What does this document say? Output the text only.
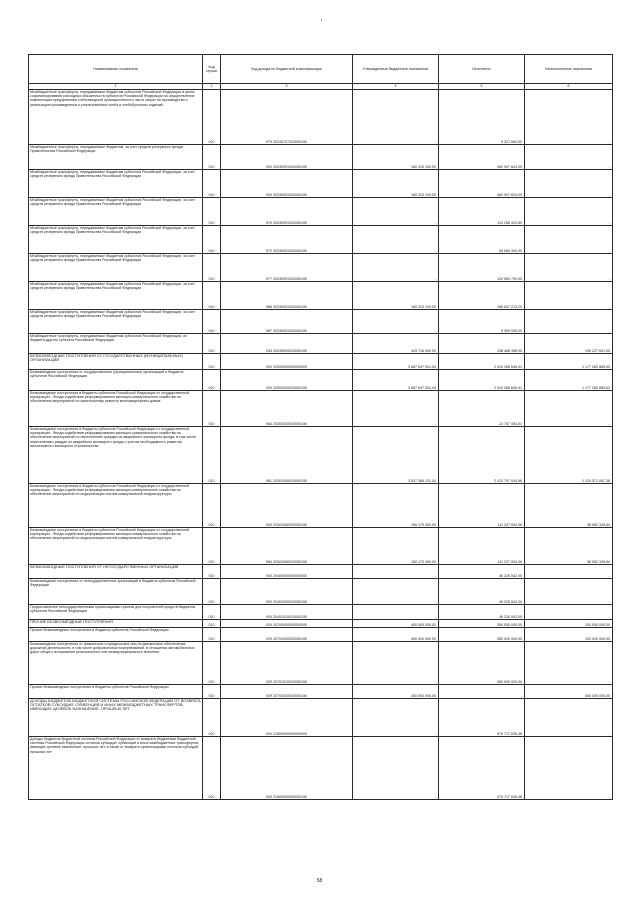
Наименование показателя	Код строки	Код дохода по бюджетной классификации	Утвержденные бюджетные назначения	Исполнено	Неисполненные назначения
1	2	3	4	5	6
Межбюджетные трансферты, передаваемые бюджетам субъектов Российской Федерации в целях софинансирования расходных обязательств субъектов Российской Федерации на осуществление компенсации предприятиям хлебопекарной промышленности части затрат на производство и реализацию произведенных и реализованных хлеба и хлебобулочных изделий	010	075 20245707020000150	-	5 327 660,00	-
Межбюджетные трансферты, передаваемые бюджетам, за счет средств резервного фонда Правительства Российской Федерации	010	000 20249001000000150	160 315 100,00	462 907 624,09	-
Межбюджетные трансферты, передаваемые бюджетам субъектов Российской Федерации, за счет средств резервного фонда Правительства Российской Федерации	010	000 20249001020000150	160 315 100,00	462 907 624,09	-
Межбюджетные трансферты, передаваемые бюджетам субъектов Российской Федерации, за счет средств резервного фонда Правительства Российской Федерации	010	970 20249001020000150	-	113 258 410,89	-
Межбюджетные трансферты, передаваемые бюджетам субъектов Российской Федерации, за счет средств резервного фонда Правительства Российской Федерации	010	972 20249001020000150	-	53 060 300,00	-
Межбюджетные трансферты, передаваемые бюджетам субъектов Российской Федерации, за счет средств резервного фонда Правительства Российской Федерации	010	977 20249001020000150	-	120 559 700,00	-
Межбюджетные трансферты, передаваемые бюджетам субъектов Российской Федерации, за счет средств резервного фонда Правительства Российской Федерации	010	986 20249001020000150	160 315 100,00	166 637 213,20	-
Межбюджетные трансферты, передаваемые бюджетам субъектов Российской Федерации, за счет средств резервного фонда Правительства Российской Федерации	010	987 20249001020000150	-	9 399 000,00	-
Межбюджетные трансферты, передаваемые бюджетам субъектов Российской Федерации, из бюджета другого субъекта Российской Федерации	010	254 20249009020000150	443 716 000,00	248 488 398,95	195 227 601,05
БЕЗВОЗМЕЗДНЫЕ ПОСТУПЛЕНИЯ ОТ ГОСУДАРСТВЕННЫХ (МУНИЦИПАЛЬНЫХ) ОРГАНИЗАЦИЙ	010	000 20300000000000000	3 687 547 531,04	2 510 266 645,41	1 177 280 885,63
Безвозмездные поступления от государственных (муниципальных) организаций в бюджеты субъектов Российской Федерации	010	000 20302000020000150	3 687 547 531,04	2 510 266 645,41	1 177 280 885,63
Безвозмездные поступления в бюджеты субъектов Российской Федерации от государственной корпорации - Фонда содействия реформированию жилищно-коммунального хозяйства на обеспечение мероприятий по капитальному ремонту многоквартирных домов	010	984 20302030020000150	-	-13 757 453,51	-
Безвозмездные поступления в бюджеты субъектов Российской Федерации от государственной корпорации - Фонда содействия реформированию жилищно-коммунального хозяйства на обеспечение мероприятий по переселению граждан из аварийного жилищного фонда, в том числе переселению граждан из аварийного жилищного фонда с учетом необходимости развития малоэтажного жилищного строительства	010	981 20302040020000150	3 537 368 131,04	2 412 797 044,56	1 124 571 087,38
Безвозмездные поступления в бюджеты субъектов Российской Федерации от государственной корпорации - Фонда содействия реформированию жилищно-коммунального хозяйства на обеспечение мероприятий по модернизации систем коммунальной инфраструктуры	010	000 20302080020000150	150 179 400,00	111 227 054,36	38 952 345,64
Безвозмездные поступления в бюджеты субъектов Российской Федерации от государственной корпорации - Фонда содействия реформированию жилищно-коммунального хозяйства на обеспечение мероприятий по модернизации систем коммунальной инфраструктуры	010	984 20302080020000150	150 179 400,00	111 227 054,36	38 952 345,64
БЕЗВОЗМЕЗДНЫЕ ПОСТУПЛЕНИЯ ОТ НЕГОСУДАРСТВЕННЫХ ОРГАНИЗАЦИЙ	010	000 20400000000000000	-	46 226 542,00	-
Безвозмездные поступления от негосударственных организаций в бюджеты субъектов Российской Федерации	010	000 20402000020000150	-	46 226 542,00	-
Предоставление негосударственными организациями грантов для получателей средств бюджетов субъектов Российской Федерации	010	000 20402010020000150	-	46 226 542,00	-
ПРОЧИЕ БЕЗВОЗМЕЗДНЫЕ ПОСТУПЛЕНИЯ	010	029 20700000000000000	450 000 000,00	350 000 000,00	100 000 000,00
Прочие безвозмездные поступления в бюджеты субъектов Российской Федерации	010	029 20702000020000150	450 000 000,00	350 000 000,00	100 000 000,00
Безвозмездные поступления от физических и юридических лиц на финансовое обеспечение дорожной деятельности, в том числе добровольных пожертвований, в отношении автомобильных дорог общего пользования регионального или межмуниципального значения	010	029 20702010020000150	-	350 000 000,00	-
Прочие безвозмездные поступления в бюджеты субъектов Российской Федерации	010	029 20702030020000150	450 000 000,00	-	450 000 000,00
ДОХОДЫ БЮДЖЕТОВ БЮДЖЕТНОЙ СИСТЕМЫ РОССИЙСКОЙ ФЕДЕРАЦИИ ОТ ВОЗВРАТА ОСТАТКОВ СУБСИДИЙ, СУБВЕНЦИЙ И ИНЫХ МЕЖБЮДЖЕТНЫХ ТРАНСФЕРТОВ, ИМЕЮЩИХ ЦЕЛЕВОЕ НАЗНАЧЕНИЕ, ПРОШЛЫХ ЛЕТ	010	000 21800000000000000	-	575 717 635,48	-
Доходы бюджетов бюджетной системы Российской Федерации от возврата бюджетами бюджетной системы Российской Федерации остатков субсидий, субвенций и иных межбюджетных трансфертов, имеющих целевое назначение, прошлых лет, а также от возврата организациями остатков субсидий прошлых лет	010	000 21800000000000150	-	575 717 635,48	-
58
